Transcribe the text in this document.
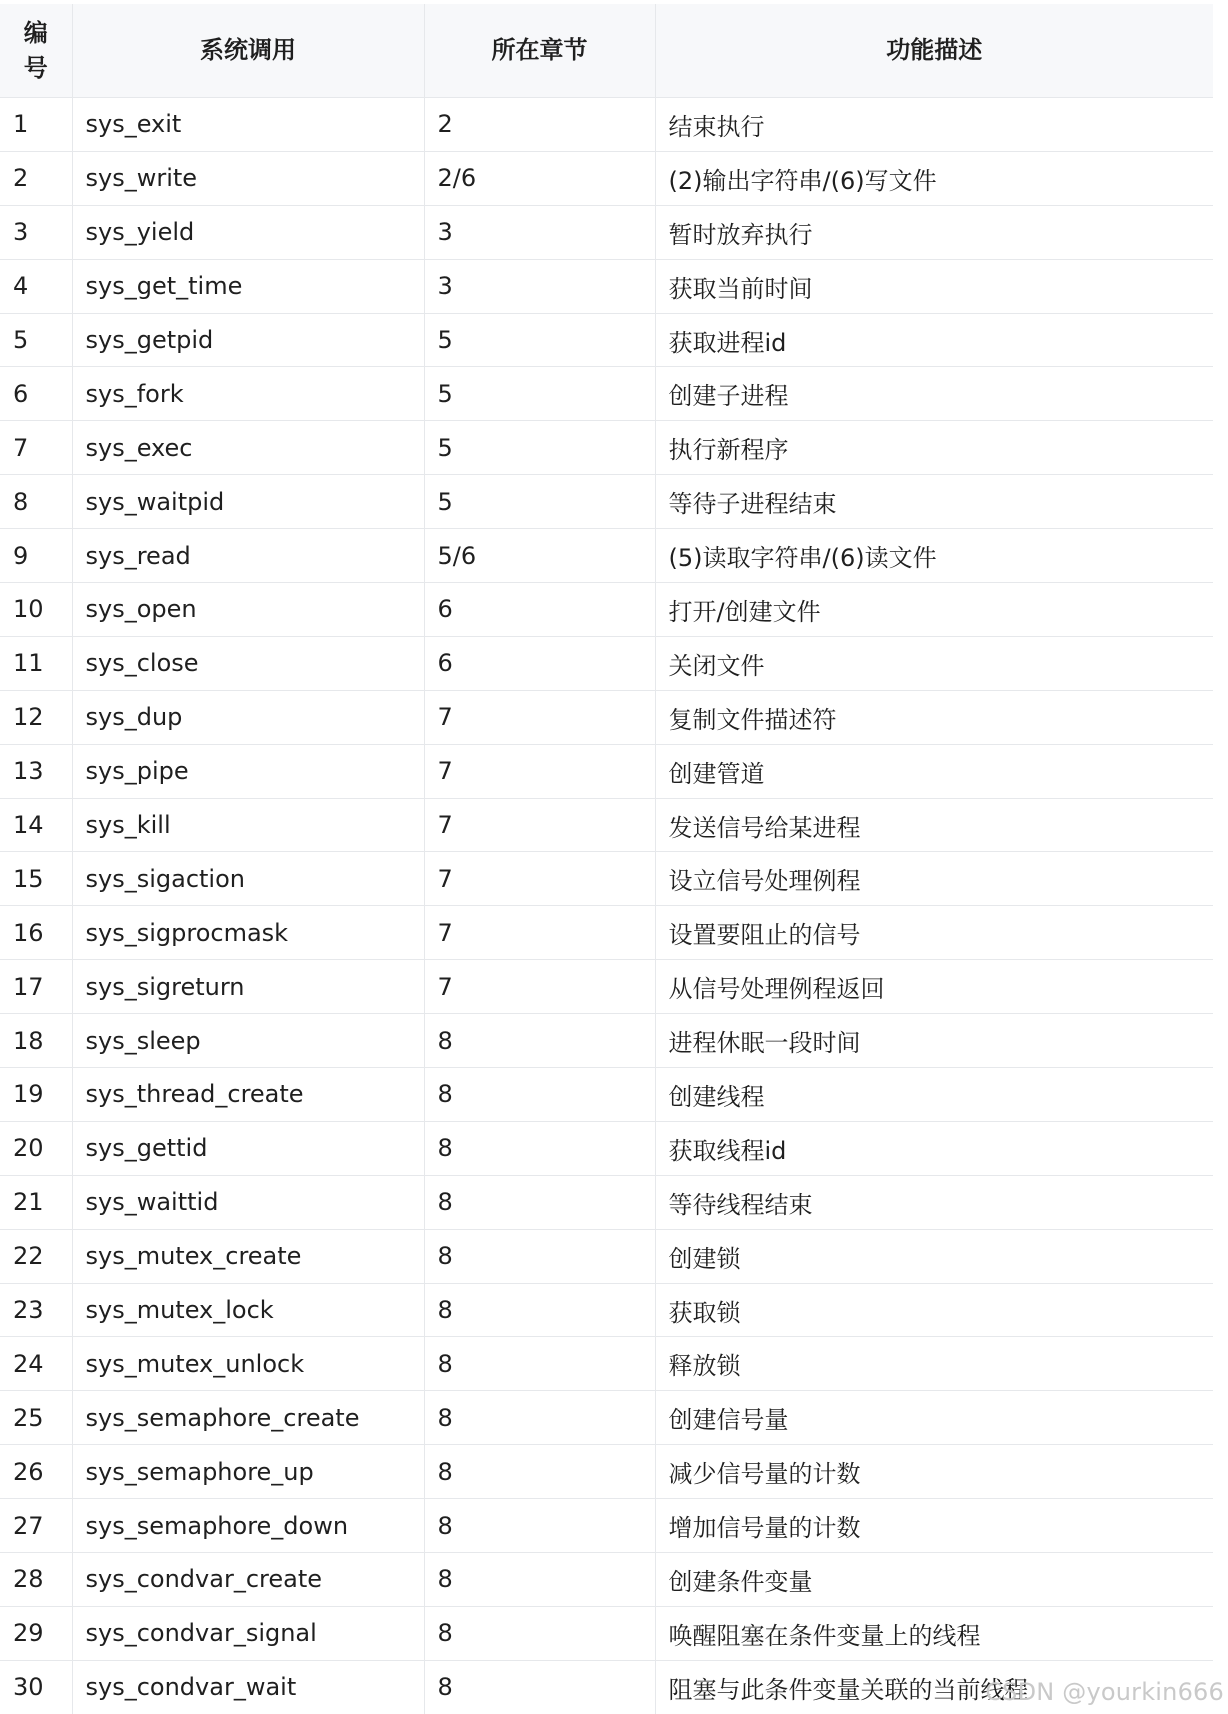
编号	系统调用	所在章节	功能描述
1	sys_exit	2	结束执行
2	sys_write	2/6	(2)输出字符串/(6)写文件
3	sys_yield	3	暂时放弃执行
4	sys_get_time	3	获取当前时间
5	sys_getpid	5	获取进程id
6	sys_fork	5	创建子进程
7	sys_exec	5	执行新程序
8	sys_waitpid	5	等待子进程结束
9	sys_read	5/6	(5)读取字符串/(6)读文件
10	sys_open	6	打开/创建文件
11	sys_close	6	关闭文件
12	sys_dup	7	复制文件描述符
13	sys_pipe	7	创建管道
14	sys_kill	7	发送信号给某进程
15	sys_sigaction	7	设立信号处理例程
16	sys_sigprocmask	7	设置要阻止的信号
17	sys_sigreturn	7	从信号处理例程返回
18	sys_sleep	8	进程休眠一段时间
19	sys_thread_create	8	创建线程
20	sys_gettid	8	获取线程id
21	sys_waittid	8	等待线程结束
22	sys_mutex_create	8	创建锁
23	sys_mutex_lock	8	获取锁
24	sys_mutex_unlock	8	释放锁
25	sys_semaphore_create	8	创建信号量
26	sys_semaphore_up	8	减少信号量的计数
27	sys_semaphore_down	8	增加信号量的计数
28	sys_condvar_create	8	创建条件变量
29	sys_condvar_signal	8	唤醒阻塞在条件变量上的线程
30	sys_condvar_wait	8	阻塞与此条件变量关联的当前线程
CSDN @yourkin666
